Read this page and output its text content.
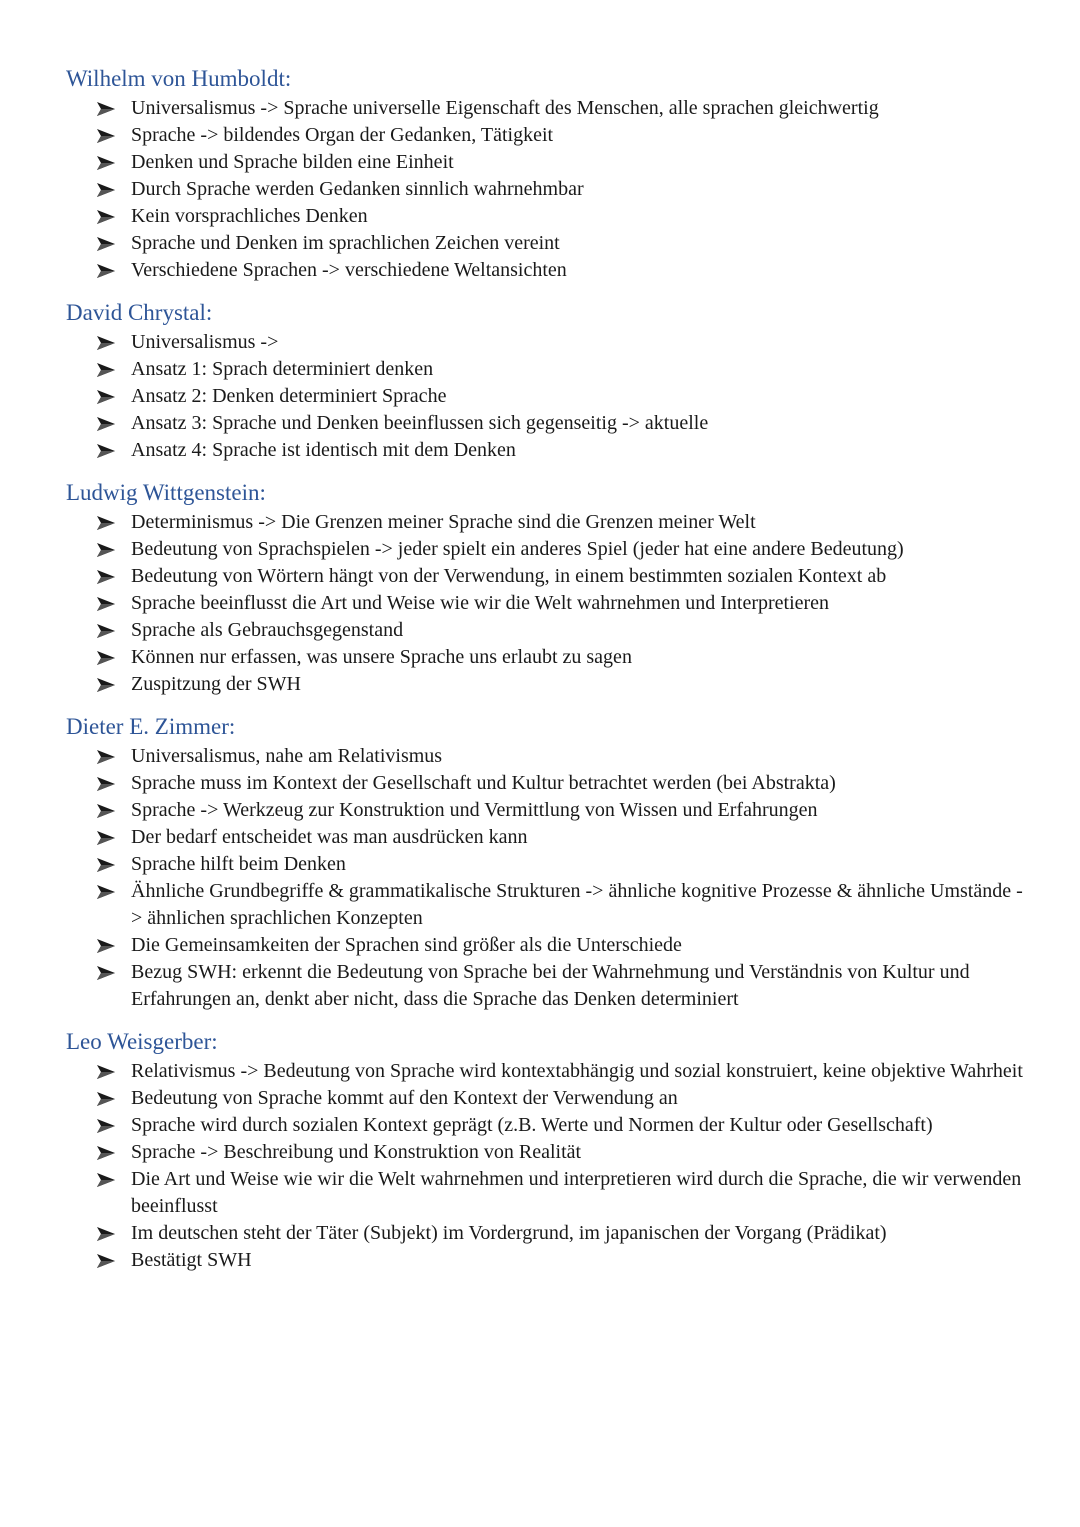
Wilhelm von Humboldt:
Universalismus -> Sprache universelle Eigenschaft des Menschen, alle sprachen gleichwertig
Sprache -> bildendes Organ der Gedanken, Tätigkeit
Denken und Sprache bilden eine Einheit
Durch Sprache werden Gedanken sinnlich wahrnehmbar
Kein vorsprachliches Denken
Sprache und Denken im sprachlichen Zeichen vereint
Verschiedene Sprachen -> verschiedene Weltansichten
David Chrystal:
Universalismus ->
Ansatz 1: Sprach determiniert denken
Ansatz 2: Denken determiniert Sprache
Ansatz 3: Sprache und Denken beeinflussen sich gegenseitig -> aktuelle
Ansatz 4: Sprache ist identisch mit dem Denken
Ludwig Wittgenstein:
Determinismus -> Die Grenzen meiner Sprache sind die Grenzen meiner Welt
Bedeutung von Sprachspielen -> jeder spielt ein anderes Spiel (jeder hat eine andere Bedeutung)
Bedeutung von Wörtern hängt von der Verwendung, in einem bestimmten sozialen Kontext ab
Sprache beeinflusst die Art und Weise wie wir die Welt wahrnehmen und Interpretieren
Sprache als Gebrauchsgegenstand
Können nur erfassen, was unsere Sprache uns erlaubt zu sagen
Zuspitzung der SWH
Dieter E. Zimmer:
Universalismus, nahe am Relativismus
Sprache muss im Kontext der Gesellschaft und Kultur betrachtet werden (bei Abstrakta)
Sprache -> Werkzeug zur Konstruktion und Vermittlung von Wissen und Erfahrungen
Der bedarf entscheidet was man ausdrücken kann
Sprache hilft beim Denken
Ähnliche Grundbegriffe & grammatikalische Strukturen -> ähnliche kognitive Prozesse & ähnliche Umstände -> ähnlichen sprachlichen Konzepten
Die Gemeinsamkeiten der Sprachen sind größer als die Unterschiede
Bezug SWH: erkennt die Bedeutung von Sprache bei der Wahrnehmung und Verständnis von Kultur und Erfahrungen an, denkt aber nicht, dass die Sprache das Denken determiniert
Leo Weisgerber:
Relativismus -> Bedeutung von Sprache wird kontextabhängig und sozial konstruiert, keine objektive Wahrheit
Bedeutung von Sprache kommt auf den Kontext der Verwendung an
Sprache wird durch sozialen Kontext geprägt (z.B. Werte und Normen der Kultur oder Gesellschaft)
Sprache -> Beschreibung und Konstruktion von Realität
Die Art und Weise wie wir die Welt wahrnehmen und interpretieren wird durch die Sprache, die wir verwenden beeinflusst
Im deutschen steht der Täter (Subjekt) im Vordergrund, im japanischen der Vorgang (Prädikat)
Bestätigt SWH
